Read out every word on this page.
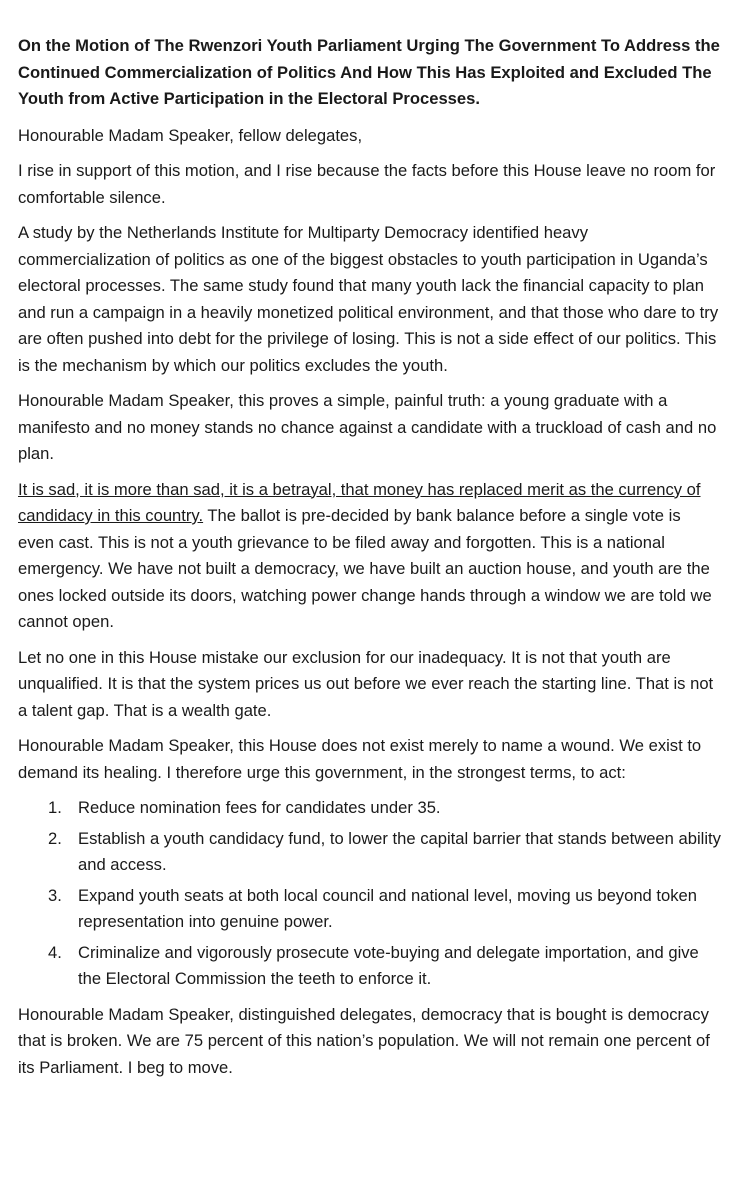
On the Motion of The Rwenzori Youth Parliament Urging The Government To Address the Continued Commercialization of Politics And How This Has Exploited and Excluded The Youth from Active Participation in the Electoral Processes.

Honourable Madam Speaker, fellow delegates,

I rise in support of this motion, and I rise because the facts before this House leave no room for comfortable silence.

A study by the Netherlands Institute for Multiparty Democracy identified heavy commercialization of politics as one of the biggest obstacles to youth participation in Uganda’s electoral processes. The same study found that many youth lack the financial capacity to plan and run a campaign in a heavily monetized political environment, and that those who dare to try are often pushed into debt for the privilege of losing. This is not a side effect of our politics. This is the mechanism by which our politics excludes the youth.

Honourable Madam Speaker, this proves a simple, painful truth: a young graduate with a manifesto and no money stands no chance against a candidate with a truckload of cash and no plan.

It is sad, it is more than sad, it is a betrayal, that money has replaced merit as the currency of candidacy in this country. The ballot is pre-decided by bank balance before a single vote is even cast. This is not a youth grievance to be filed away and forgotten. This is a national emergency. We have not built a democracy, we have built an auction house, and youth are the ones locked outside its doors, watching power change hands through a window we are told we cannot open.

Let no one in this House mistake our exclusion for our inadequacy. It is not that youth are unqualified. It is that the system prices us out before we ever reach the starting line. That is not a talent gap. That is a wealth gate.

Honourable Madam Speaker, this House does not exist merely to name a wound. We exist to demand its healing. I therefore urge this government, in the strongest terms, to act:

1. Reduce nomination fees for candidates under 35.
2. Establish a youth candidacy fund, to lower the capital barrier that stands between ability and access.
3. Expand youth seats at both local council and national level, moving us beyond token representation into genuine power.
4. Criminalize and vigorously prosecute vote-buying and delegate importation, and give the Electoral Commission the teeth to enforce it.

Honourable Madam Speaker, distinguished delegates, democracy that is bought is democracy that is broken. We are 75 percent of this nation’s population. We will not remain one percent of its Parliament. I beg to move.
